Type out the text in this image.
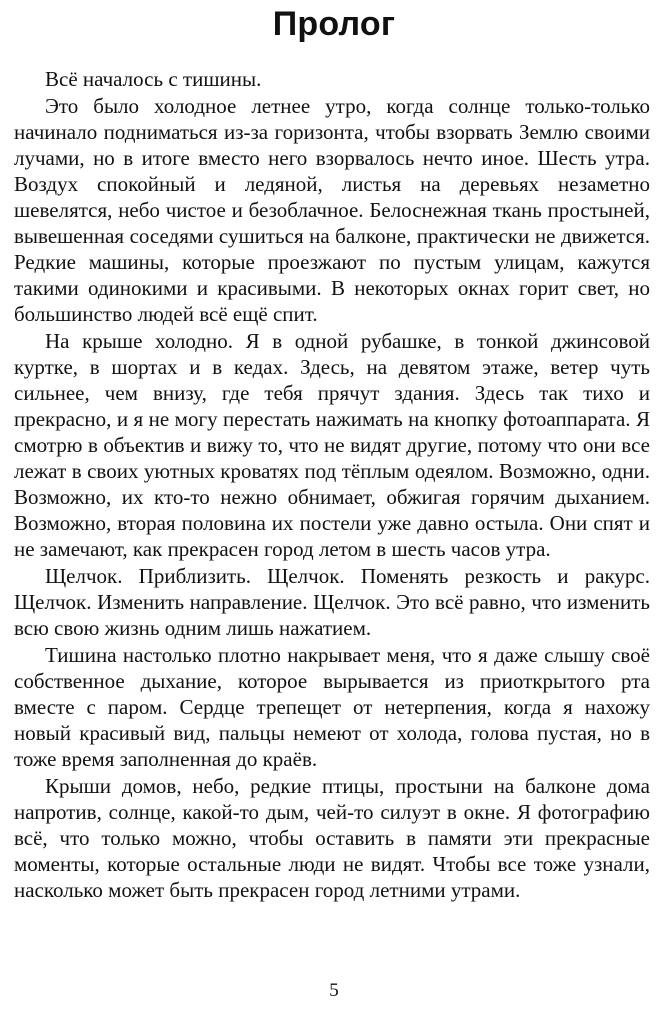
Пролог

Всё началось с тишины.

Это было холодное летнее утро, когда солнце только-только начинало подниматься из-за горизонта, чтобы взорвать Землю своими лучами, но в итоге вместо него взорвалось нечто иное. Шесть утра. Воздух спокойный и ледяной, листья на деревьях незаметно шевелятся, небо чистое и безоблачное. Белоснежная ткань простыней, вывешенная соседями сушиться на балконе, практически не движется. Редкие машины, которые проезжают по пустым улицам, кажутся такими одинокими и красивыми. В некоторых окнах горит свет, но большинство людей всё ещё спит.

На крыше холодно. Я в одной рубашке, в тонкой джинсовой куртке, в шортах и в кедах. Здесь, на девятом этаже, ветер чуть сильнее, чем внизу, где тебя прячут здания. Здесь так тихо и прекрасно, и я не могу перестать нажимать на кнопку фотоаппарата. Я смотрю в объектив и вижу то, что не видят другие, потому что они все лежат в своих уютных кроватях под тёплым одеялом. Возможно, одни. Возможно, их кто-то нежно обнимает, обжигая горячим дыханием. Возможно, вторая половина их постели уже давно остыла. Они спят и не замечают, как прекрасен город летом в шесть часов утра.

Щелчок. Приблизить. Щелчок. Поменять резкость и ракурс. Щелчок. Изменить направление. Щелчок. Это всё равно, что изменить всю свою жизнь одним лишь нажатием.

Тишина настолько плотно накрывает меня, что я даже слышу своё собственное дыхание, которое вырывается из приоткрытого рта вместе с паром. Сердце трепещет от нетерпения, когда я нахожу новый красивый вид, пальцы немеют от холода, голова пустая, но в тоже время заполненная до краёв.

Крыши домов, небо, редкие птицы, простыни на балконе дома напротив, солнце, какой-то дым, чей-то силуэт в окне. Я фотографию всё, что только можно, чтобы оставить в памяти эти прекрасные моменты, которые остальные люди не видят. Чтобы все тоже узнали, насколько может быть прекрасен город летними утрами.

5
